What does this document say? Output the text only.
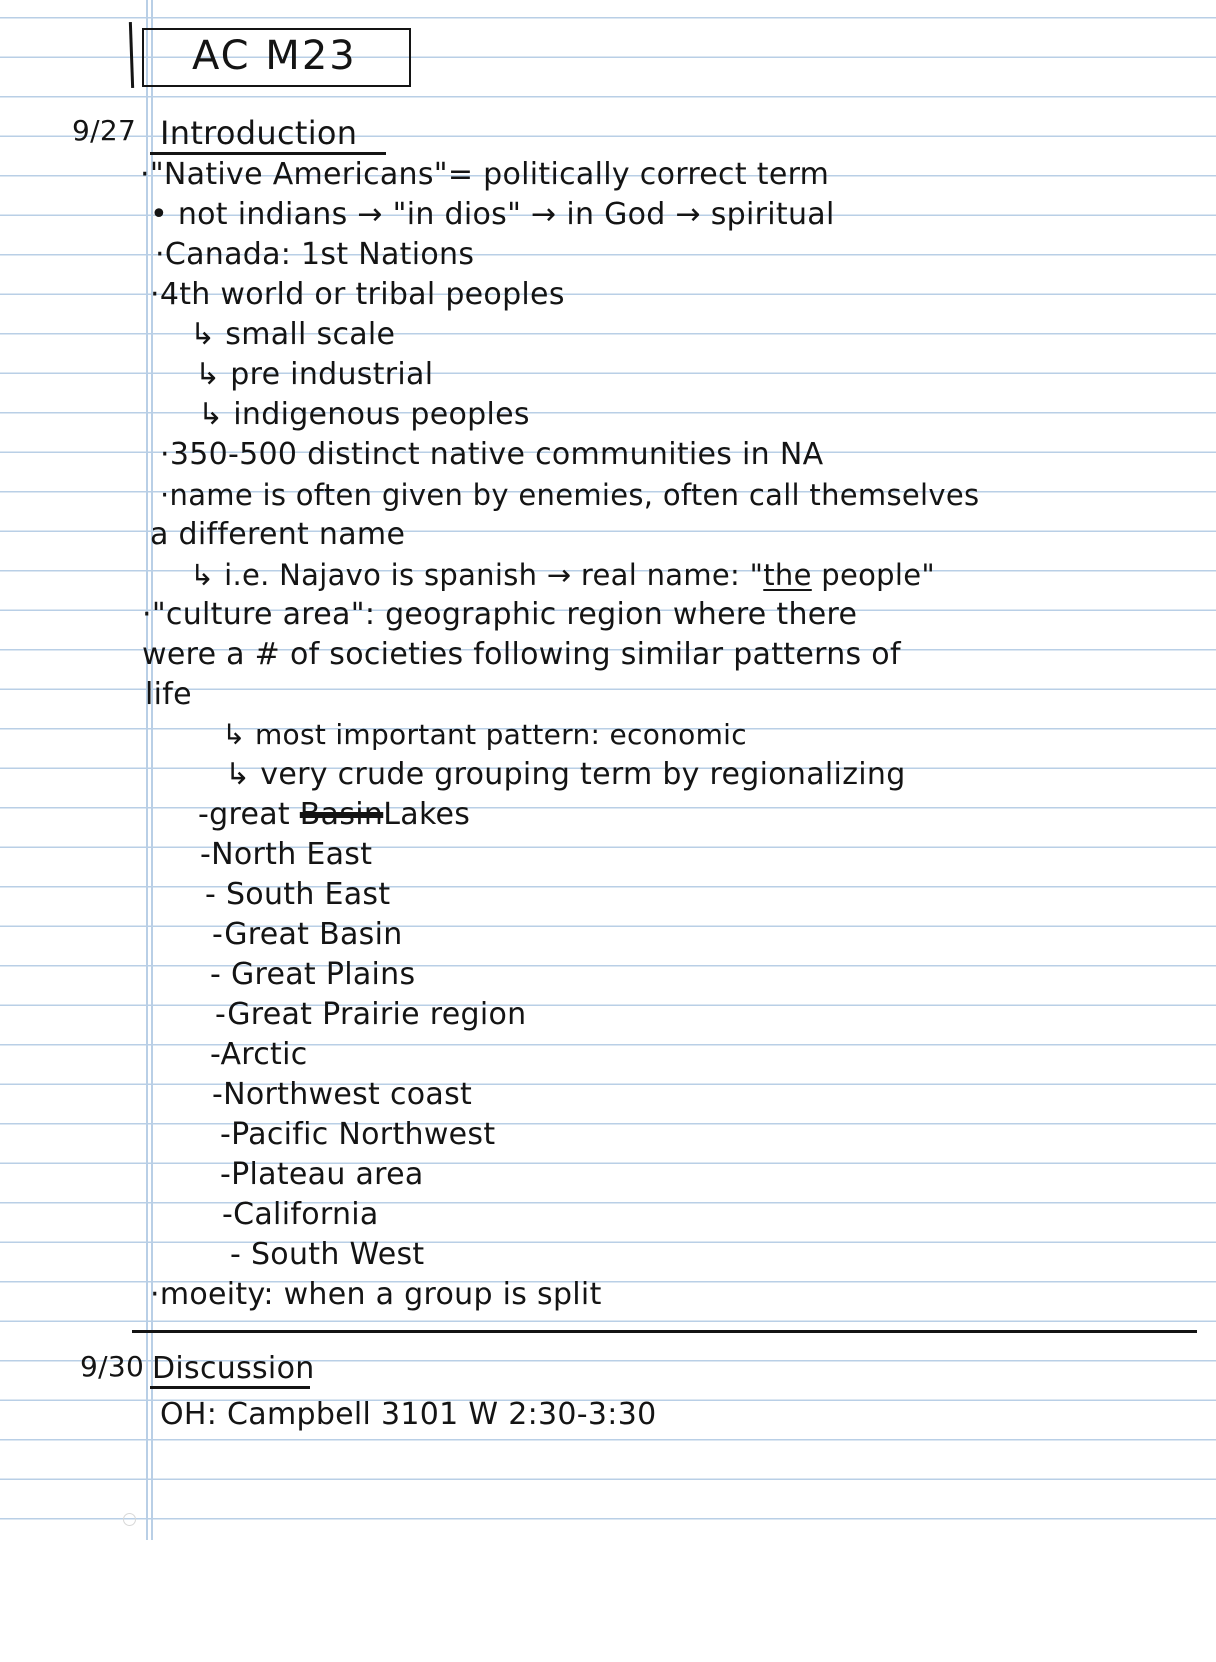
AC M23
9/27 Introduction
·"Native Americans"= politically correct term
• not indians → "in dios" → in God → spiritual
·Canada: 1st Nations
·4th world or tribal peoples
↳ small scale
↳ pre industrial
↳ indigenous peoples
·350-500 distinct native communities in NA
·name is often given by enemies, often call themselves
a different name
↳ i.e. Najavo is spanish → real name: "the people"
·"culture area": geographic region where there
were a # of societies following similar patterns of
life
↳ most important pattern: economic
↳ very crude grouping term by regionalizing
-great BasinLakes
-North East
- South East
-Great Basin
- Great Plains
-Great Prairie region
-Arctic
-Northwest coast
-Pacific Northwest
-Plateau area
-California
- South West
·moeity: when a group is split
9/30 Discussion
OH: Campbell 3101 W 2:30-3:30
